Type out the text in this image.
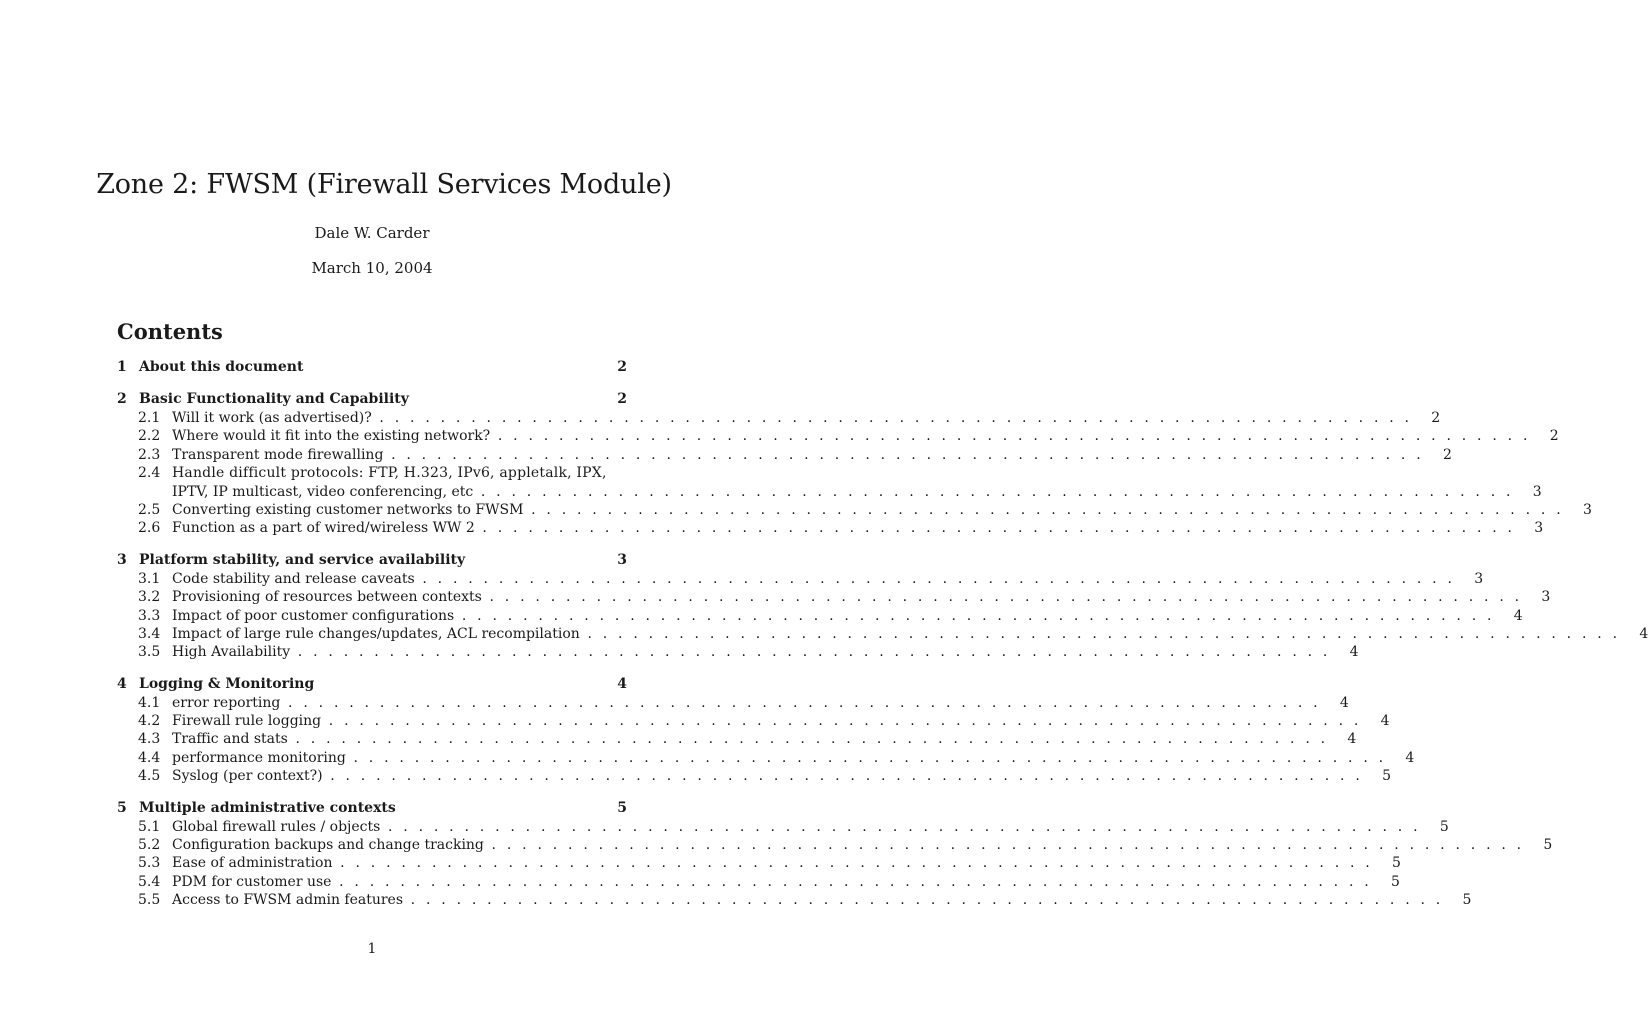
Zone 2: FWSM (Firewall Services Module)
Dale W. Carder
March 10, 2004
Contents
1 About this document	2
2 Basic Functionality and Capability	2
2.1 Will it work (as advertised)? . . .	2
2.2 Where would it fit into the existing network? . . .	2
2.3 Transparent mode firewalling . . .	2
2.4 Handle difficult protocols: FTP, H.323, IPv6, appletalk, IPX,
IPTV, IP multicast, video conferencing, etc . . .	3
2.5 Converting existing customer networks to FWSM . . .	3
2.6 Function as a part of wired/wireless WW 2 . . .	3
3 Platform stability, and service availability	3
3.1 Code stability and release caveats . . .	3
3.2 Provisioning of resources between contexts . . .	3
3.3 Impact of poor customer configurations . . .	4
3.4 Impact of large rule changes/updates, ACL recompilation . . .	4
3.5 High Availability . . .	4
4 Logging & Monitoring	4
4.1 error reporting . . .	4
4.2 Firewall rule logging . . .	4
4.3 Traffic and stats . . .	4
4.4 performance monitoring . . .	4
4.5 Syslog (per context?) . . .	5
5 Multiple administrative contexts	5
5.1 Global firewall rules / objects . . .	5
5.2 Configuration backups and change tracking . . .	5
5.3 Ease of administration . . .	5
5.4 PDM for customer use . . .	5
5.5 Access to FWSM admin features . . .	5
1
